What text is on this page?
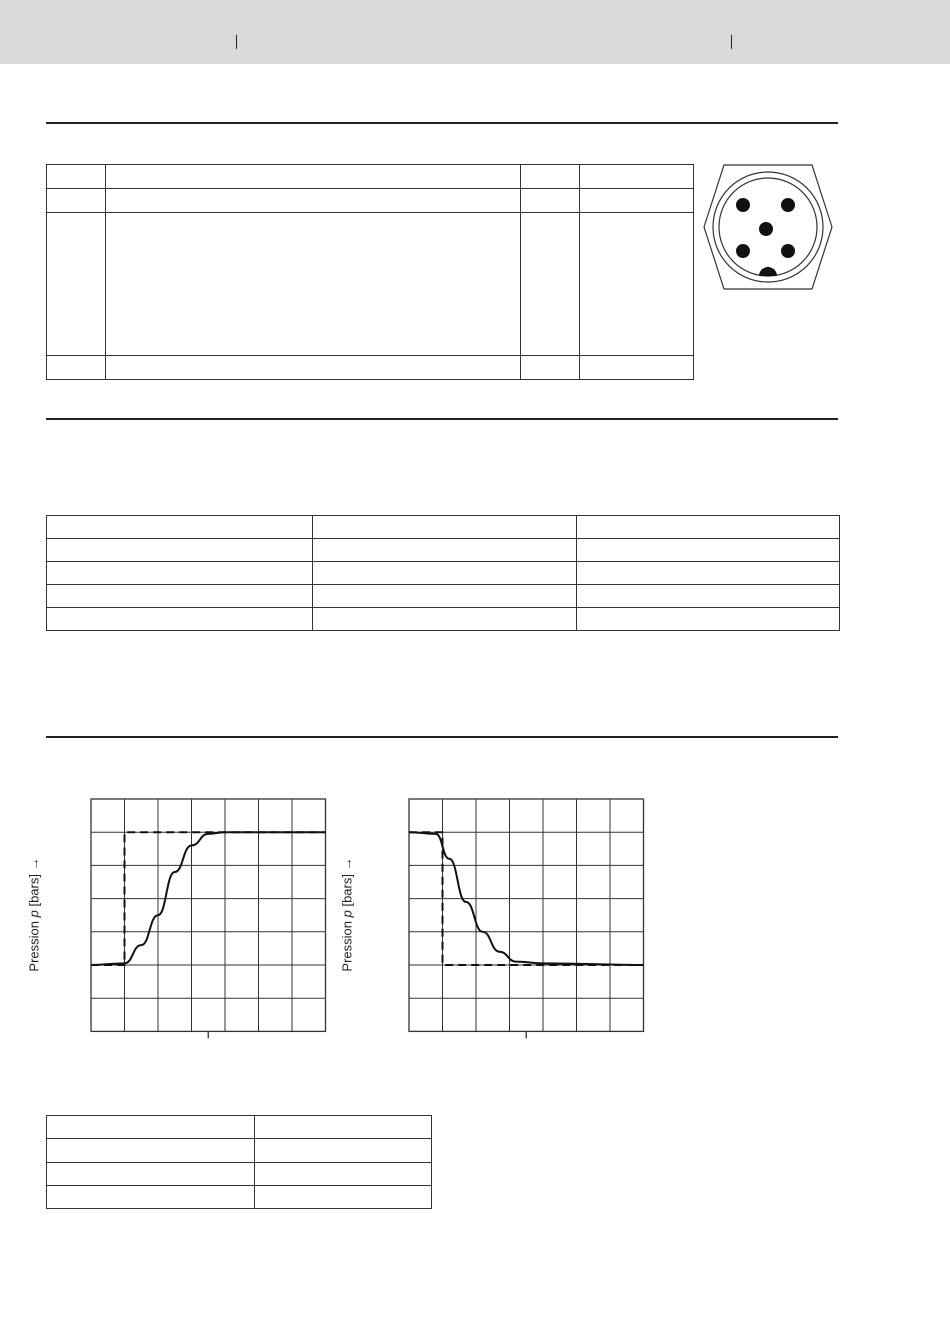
Pression p [bars] →
Pression p [bars] →
